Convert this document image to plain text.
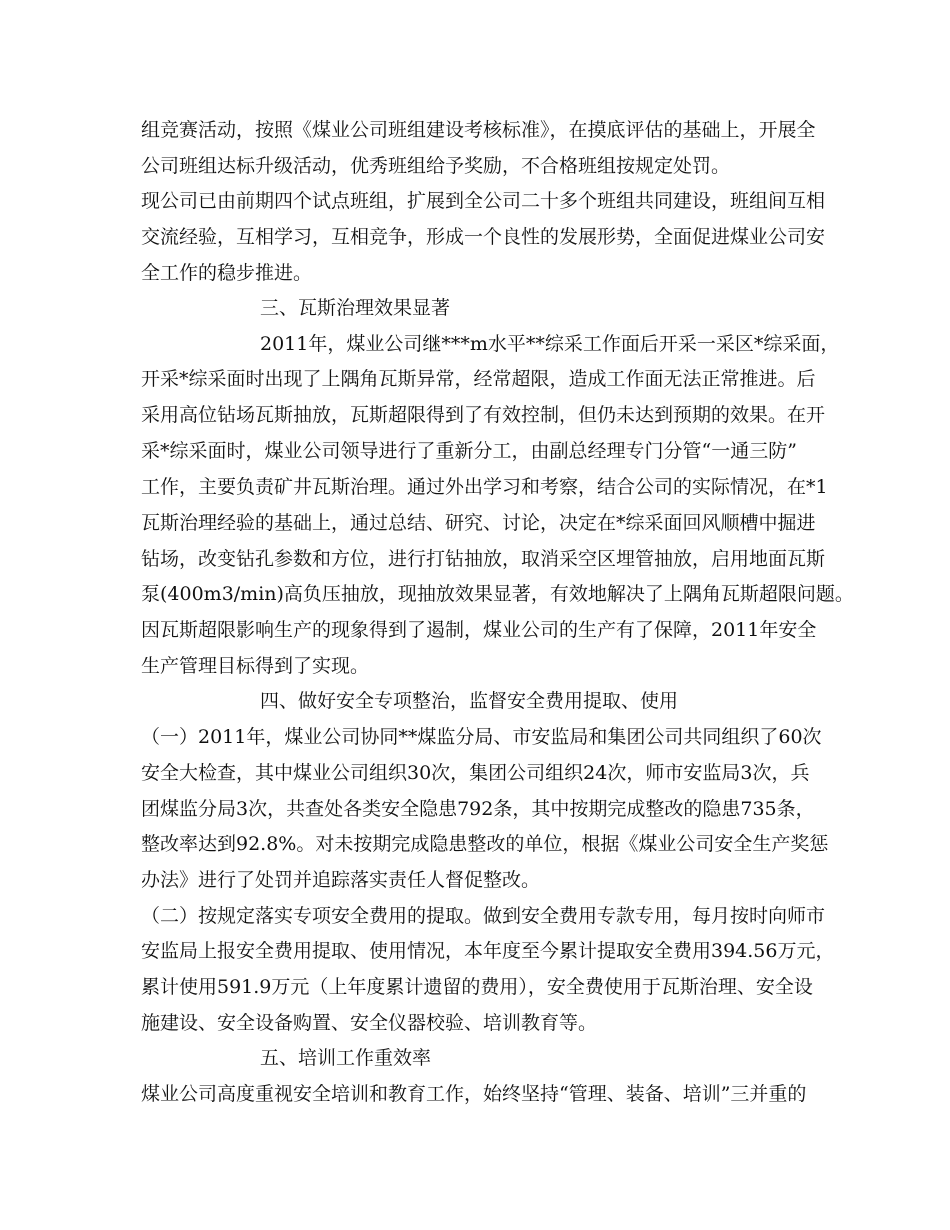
组竞赛活动，按照《煤业公司班组建设考核标准》，在摸底评估的基础上，开展全
公司班组达标升级活动，优秀班组给予奖励，不合格班组按规定处罚。
现公司已由前期四个试点班组，扩展到全公司二十多个班组共同建设，班组间互相
交流经验，互相学习，互相竞争，形成一个良性的发展形势，全面促进煤业公司安
全工作的稳步推进。
三、瓦斯治理效果显著
2011年，煤业公司继***m水平**综采工作面后开采一采区*综采面，
开采*综采面时出现了上隅角瓦斯异常，经常超限，造成工作面无法正常推进。后
采用高位钻场瓦斯抽放，瓦斯超限得到了有效控制，但仍未达到预期的效果。在开
采*综采面时，煤业公司领导进行了重新分工，由副总经理专门分管“一通三防”
工作，主要负责矿井瓦斯治理。通过外出学习和考察，结合公司的实际情况，在*1
瓦斯治理经验的基础上，通过总结、研究、讨论，决定在*综采面回风顺槽中掘进
钻场，改变钻孔参数和方位，进行打钻抽放，取消采空区埋管抽放，启用地面瓦斯
泵(400m3/min)高负压抽放，现抽放效果显著，有效地解决了上隅角瓦斯超限问题。
因瓦斯超限影响生产的现象得到了遏制，煤业公司的生产有了保障，2011年安全
生产管理目标得到了实现。
四、做好安全专项整治，监督安全费用提取、使用
（一）2011年，煤业公司协同**煤监分局、市安监局和集团公司共同组织了60次
安全大检查，其中煤业公司组织30次，集团公司组织24次，师市安监局3次，兵
团煤监分局3次，共查处各类安全隐患792条，其中按期完成整改的隐患735条，
整改率达到92.8%。对未按期完成隐患整改的单位，根据《煤业公司安全生产奖惩
办法》进行了处罚并追踪落实责任人督促整改。
（二）按规定落实专项安全费用的提取。做到安全费用专款专用，每月按时向师市
安监局上报安全费用提取、使用情况，本年度至今累计提取安全费用394.56万元，
累计使用591.9万元（上年度累计遗留的费用），安全费使用于瓦斯治理、安全设
施建设、安全设备购置、安全仪器校验、培训教育等。
五、培训工作重效率
煤业公司高度重视安全培训和教育工作，始终坚持“管理、装备、培训”三并重的
